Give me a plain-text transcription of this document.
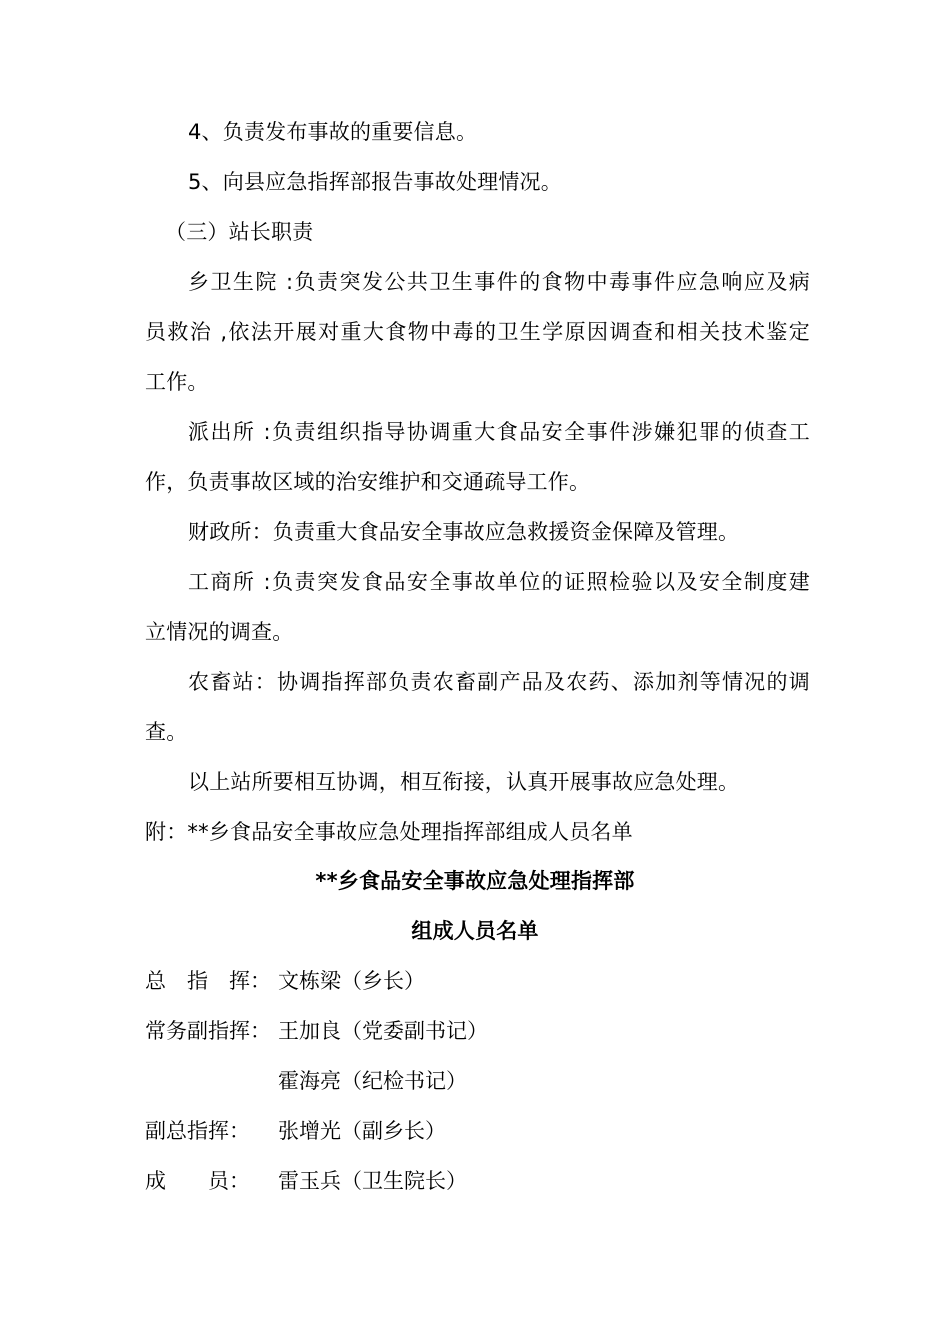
4、负责发布事故的重要信息。
5、向县应急指挥部报告事故处理情况。
（三）站长职责
乡卫生院 :负责突发公共卫生事件的食物中毒事件应急响应及病
员救治 ,依法开展对重大食物中毒的卫生学原因调查和相关技术鉴定
工作。
派出所 :负责组织指导协调重大食品安全事件涉嫌犯罪的侦查工
作，负责事故区域的治安维护和交通疏导工作。
财政所：负责重大食品安全事故应急救援资金保障及管理。
工商所 :负责突发食品安全事故单位的证照检验以及安全制度建
立情况的调查。
农畜站：协调指挥部负责农畜副产品及农药、添加剂等情况的调
查。
以上站所要相互协调，相互衔接，认真开展事故应急处理。
附：**乡食品安全事故应急处理指挥部组成人员名单
**乡食品安全事故应急处理指挥部
组成人员名单
总　指　挥： 文栋梁（乡长）
常务副指挥： 王加良（党委副书记）
霍海亮（纪检书记）
副总指挥： 张增光（副乡长）
成　　员： 雷玉兵（卫生院长）
